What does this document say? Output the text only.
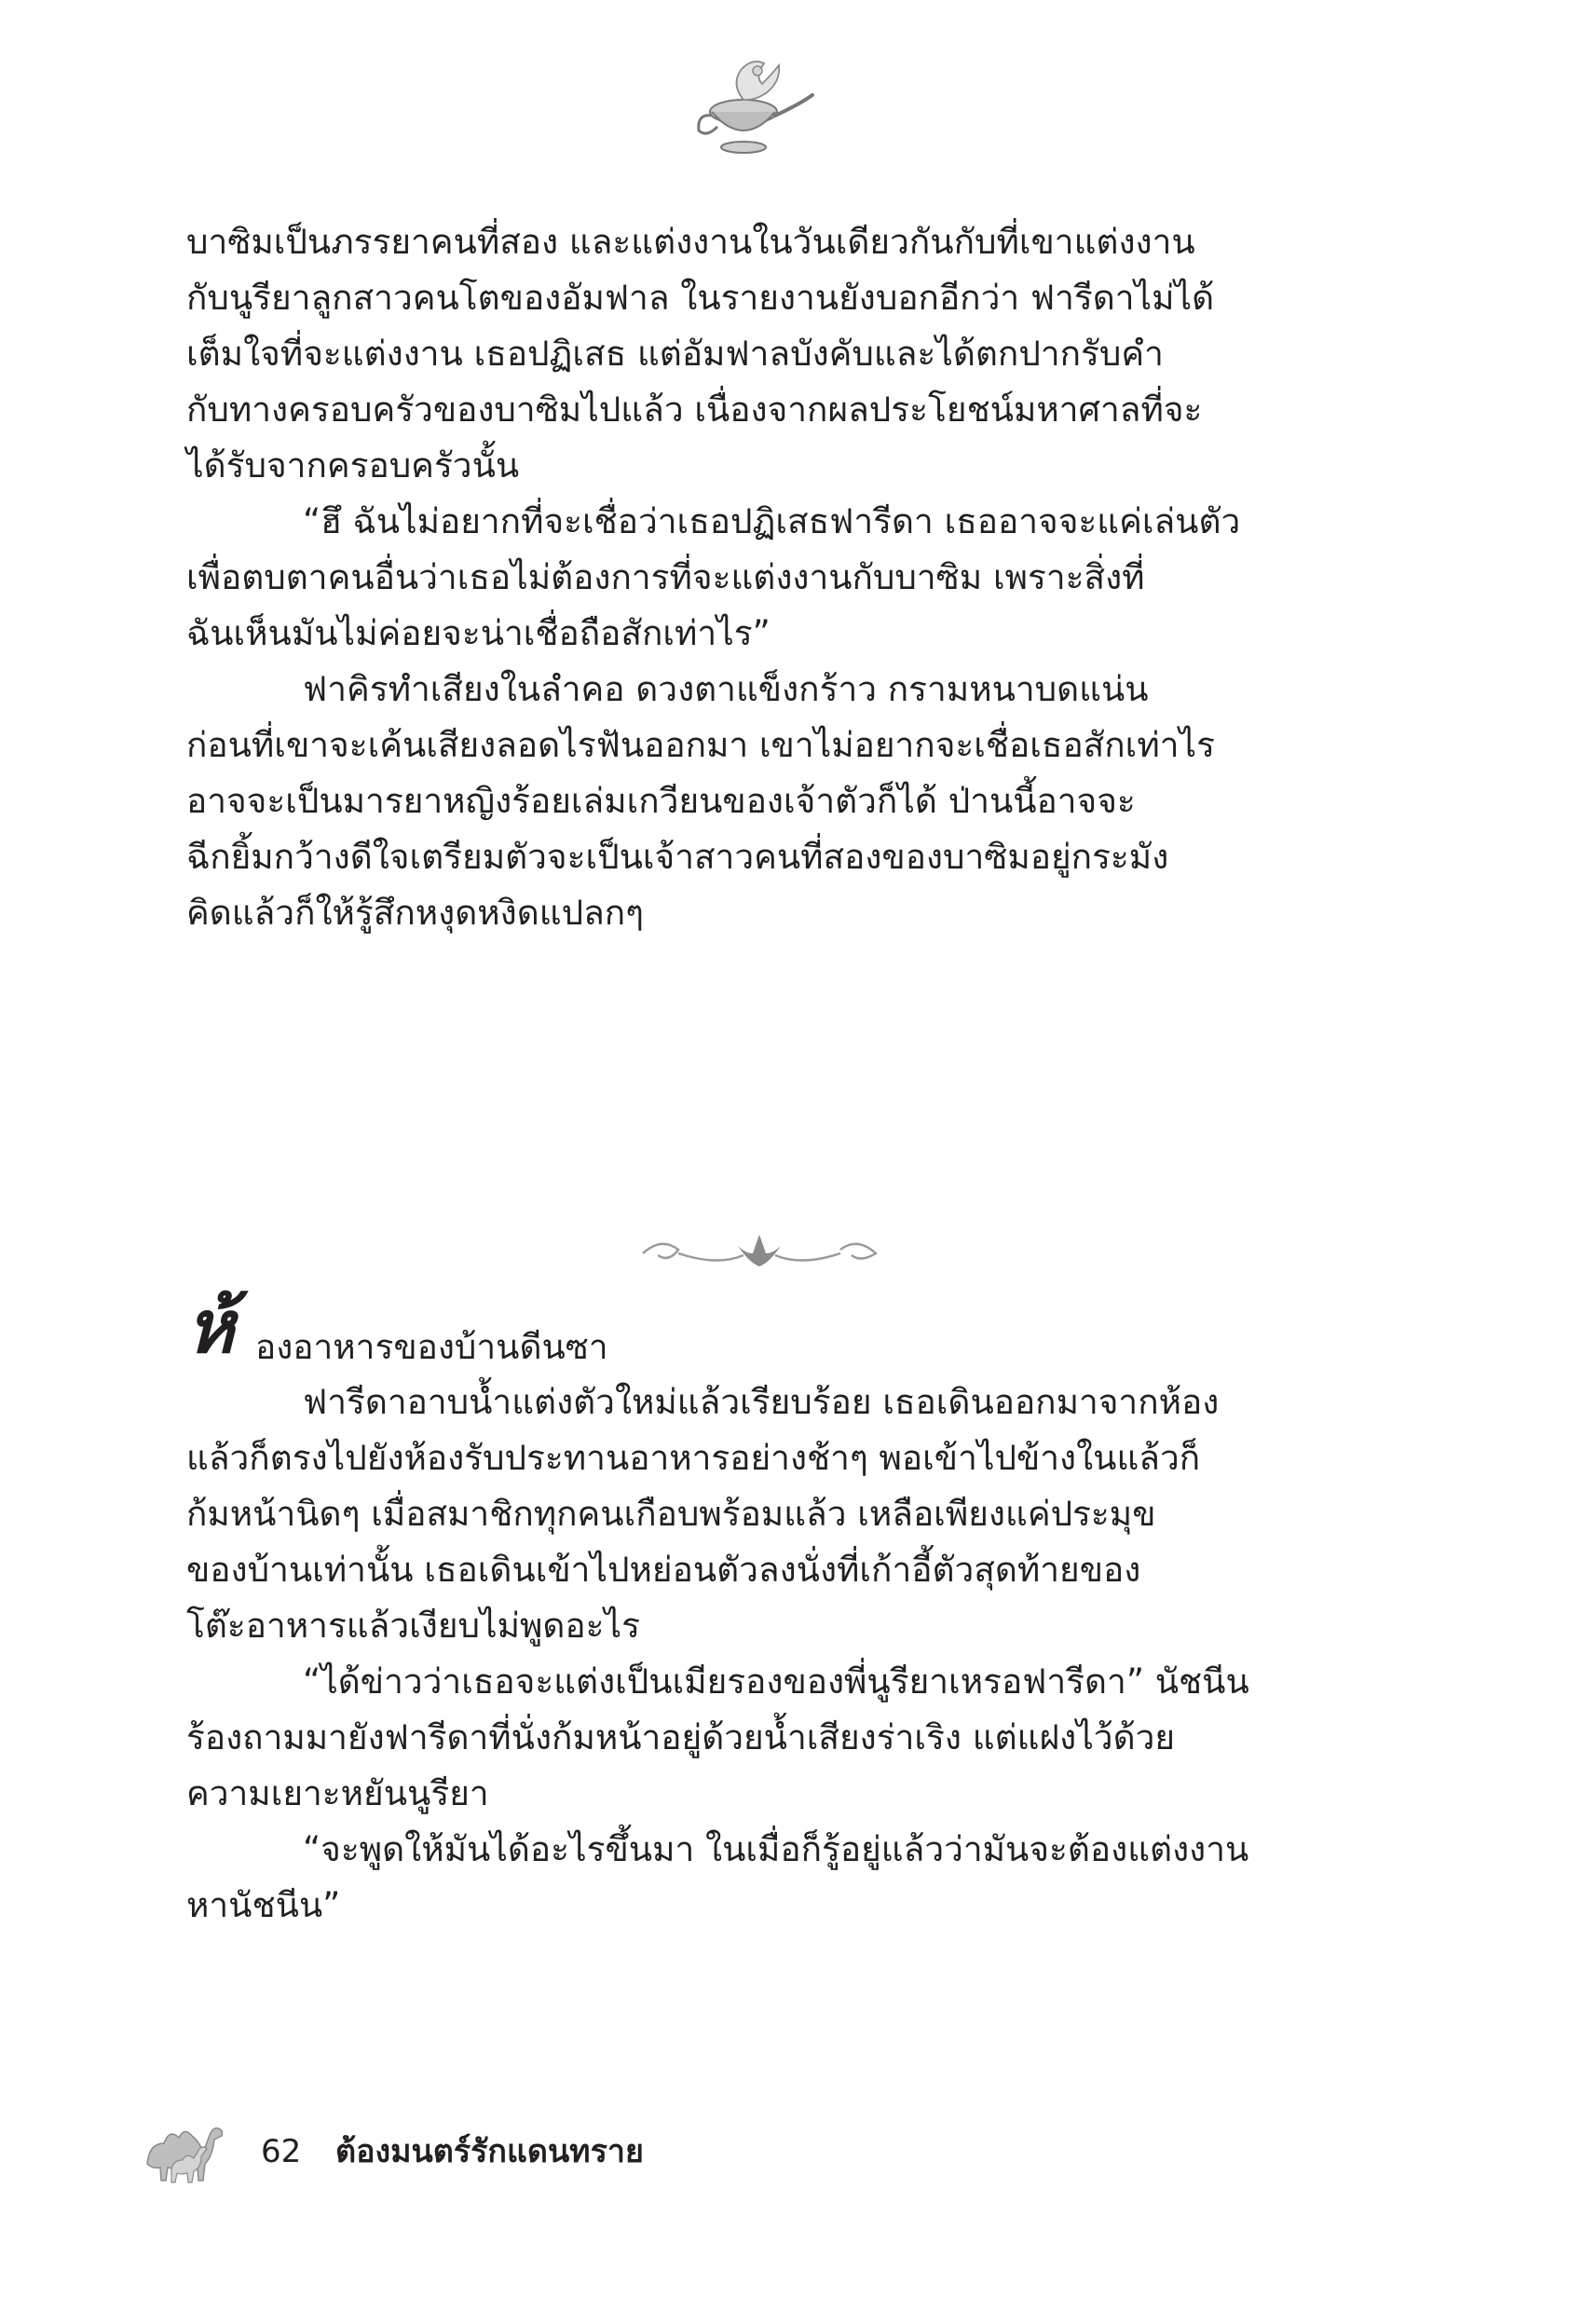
บาซิมเป็นภรรยาคนที่สอง และแต่งงานในวันเดียวกันกับที่เขาแต่งงาน
กับนูรียาลูกสาวคนโตของอัมฟาล ในรายงานยังบอกอีกว่า ฟารีดาไม่ได้
เต็มใจที่จะแต่งงาน เธอปฏิเสธ แต่อัมฟาลบังคับและได้ตกปากรับคำ
กับทางครอบครัวของบาซิมไปแล้ว เนื่องจากผลประโยชน์มหาศาลที่จะ
ได้รับจากครอบครัวนั้น

“ฮึ ฉันไม่อยากที่จะเชื่อว่าเธอปฏิเสธฟารีดา เธออาจจะแค่เล่นตัว
เพื่อตบตาคนอื่นว่าเธอไม่ต้องการที่จะแต่งงานกับบาซิม เพราะสิ่งที่
ฉันเห็นมันไม่ค่อยจะน่าเชื่อถือสักเท่าไร”

ฟาคิรทำเสียงในลำคอ ดวงตาแข็งกร้าว กรามหนาบดแน่น
ก่อนที่เขาจะเค้นเสียงลอดไรฟันออกมา เขาไม่อยากจะเชื่อเธอสักเท่าไร
อาจจะเป็นมารยาหญิงร้อยเล่มเกวียนของเจ้าตัวก็ได้ ป่านนี้อาจจะ
ฉีกยิ้มกว้างดีใจเตรียมตัวจะเป็นเจ้าสาวคนที่สองของบาซิมอยู่กระมัง
คิดแล้วก็ให้รู้สึกหงุดหงิดแปลกๆ

ห้ องอาหารของบ้านดีนซา

ฟารีดาอาบน้ำแต่งตัวใหม่แล้วเรียบร้อย เธอเดินออกมาจากห้อง
แล้วก็ตรงไปยังห้องรับประทานอาหารอย่างช้าๆ พอเข้าไปข้างในแล้วก็
ก้มหน้านิดๆ เมื่อสมาชิกทุกคนเกือบพร้อมแล้ว เหลือเพียงแค่ประมุข
ของบ้านเท่านั้น เธอเดินเข้าไปหย่อนตัวลงนั่งที่เก้าอี้ตัวสุดท้ายของ
โต๊ะอาหารแล้วเงียบไม่พูดอะไร

“ได้ข่าวว่าเธอจะแต่งเป็นเมียรองของพี่นูรียาเหรอฟารีดา” นัชนีน
ร้องถามมายังฟารีดาที่นั่งก้มหน้าอยู่ด้วยน้ำเสียงร่าเริง แต่แฝงไว้ด้วย
ความเยาะหยันนูรียา

“จะพูดให้มันได้อะไรขึ้นมา ในเมื่อก็รู้อยู่แล้วว่ามันจะต้องแต่งงาน
หานัชนีน”

62 ต้องมนตร์รักแดนทราย
